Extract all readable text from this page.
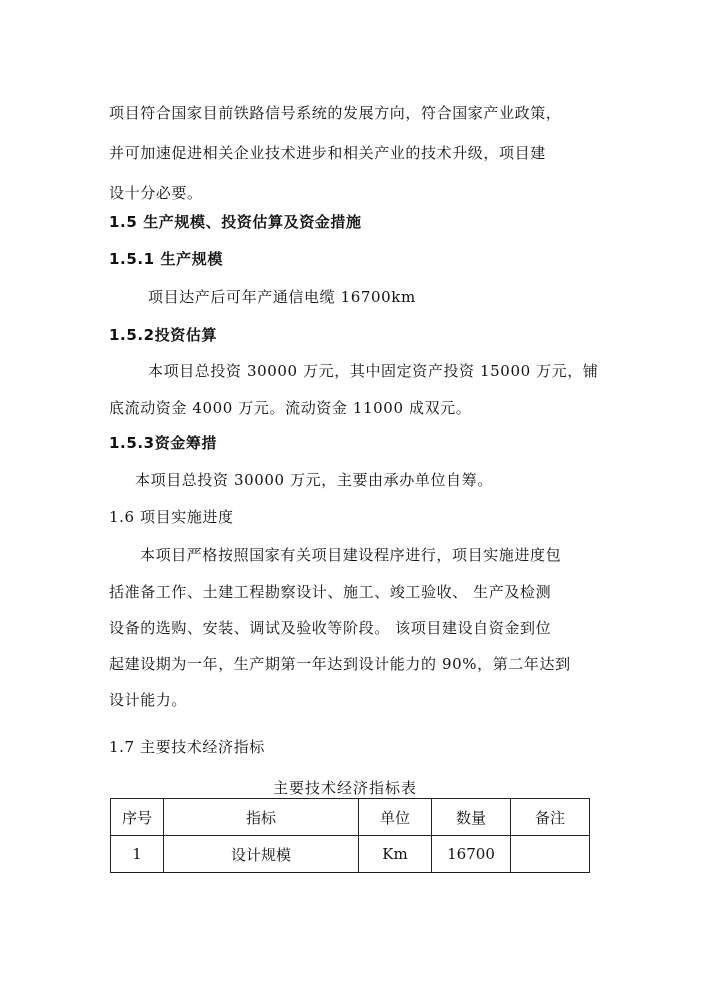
项目符合国家目前铁路信号系统的发展方向，符合国家产业政策，
并可加速促进相关企业技术进步和相关产业的技术升级，项目建
设十分必要。
1.5 生产规模、投资估算及资金措施
1.5.1 生产规模
项目达产后可年产通信电缆 16700km
1.5.2投资估算
本项目总投资 30000 万元，其中固定资产投资 15000 万元，铺
底流动资金 4000 万元。流动资金 11000 成双元。
1.5.3资金筹措
本项目总投资 30000 万元，主要由承办单位自筹。
1.6 项目实施进度
本项目严格按照国家有关项目建设程序进行，项目实施进度包
括准备工作、土建工程勘察设计、施工、竣工验收、 生产及检测
设备的选购、安装、调试及验收等阶段。 该项目建设自资金到位
起建设期为一年，生产期第一年达到设计能力的 90%，第二年达到
设计能力。
1.7 主要技术经济指标
主要技术经济指标表
序号	指标	单位	数量	备注
1	设计规模	Km	16700	
